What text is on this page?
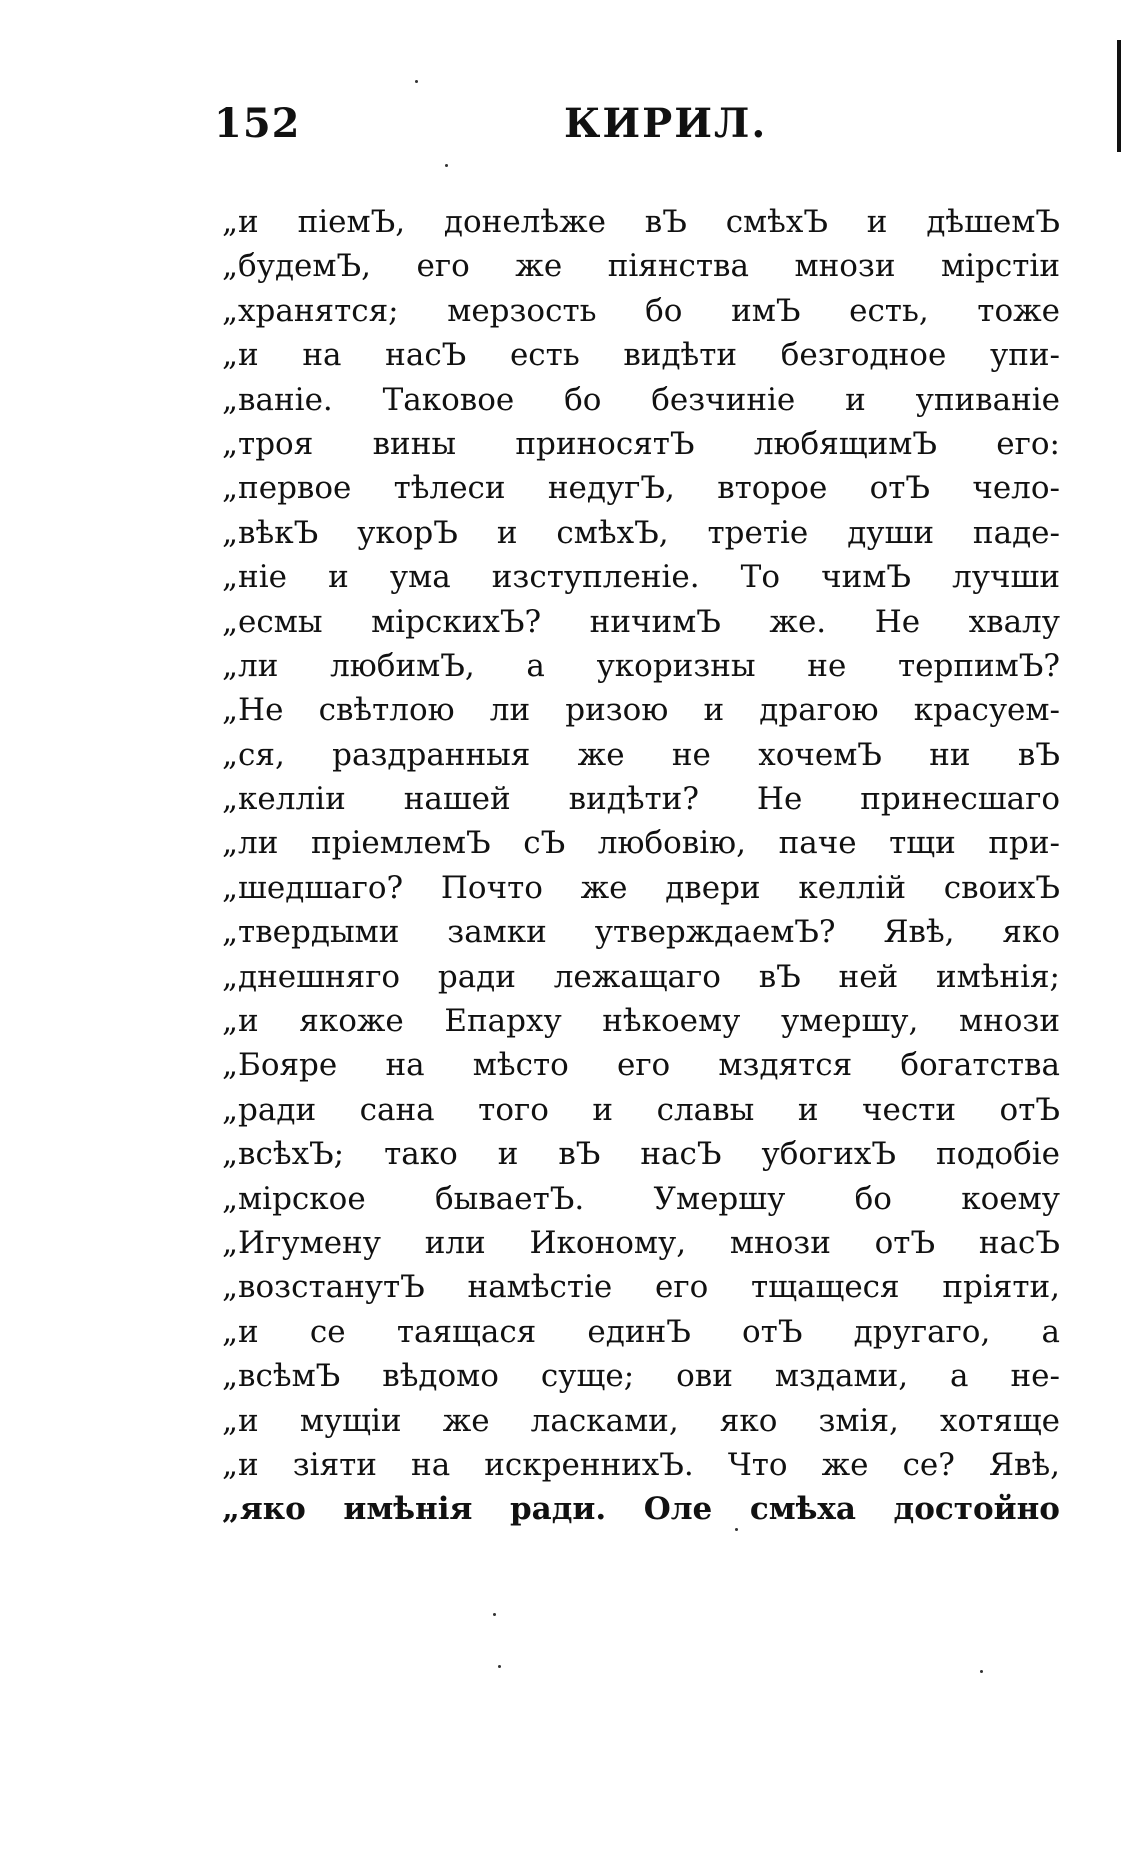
152	КИРИЛ.
„и піемЪ, донелѣже вЪ смѣхЪ и дѣшемЪ
„будемЪ, его же піянства мнози мірстіи
„хранятся; мерзость бо имЪ есть, тоже
„и на насЪ есть видѣти безгодное упи-
„ваніе. Таковое бо безчиніе и упиваніе
„троя вины приносятЪ любящимЪ его:
„первое тѣлеси недугЪ, второе отЪ чело-
„вѣкЪ укорЪ и смѣхЪ, третіе души паде-
„ніе и ума изступленіе. То чимЪ лучши
„есмы мірскихЪ? ничимЪ же. Не хвалу
„ли любимЪ, а укоризны не терпимЪ?
„Не свѣтлою ли ризою и драгою красуем-
„ся, раздранныя же не хочемЪ ни вЪ
„келліи нашей видѣти? Не принесшаго
„ли пріемлемЪ сЪ любовію, паче тщи при-
„шедшаго? Почто же двери келлій своихЪ
„твердыми замки утверждаемЪ? Явѣ, яко
„днешняго ради лежащаго вЪ ней имѣнія;
„и якоже Епарху нѣкоему умершу, мнози
„Бояре на мѣсто его мздятся богатства
„ради сана того и славы и чести отЪ
„всѣхЪ; тако и вЪ насЪ убогихЪ подобіе
„мірское бываетЪ. Умершу бо коему
„Игумену или Иконому, мнози отЪ насЪ
„возстанутЪ намѣстіе его тщащеся пріяти,
„и се таящася единЪ отЪ другаго, а
„всѣмЪ вѣдомо суще; ови мздами, а не-
„и мущіи же ласками, яко змія, хотяще
„и зіяти на искреннихЪ. Что же се? Явѣ,
„яко имѣнія ради. Оле смѣха достойно
